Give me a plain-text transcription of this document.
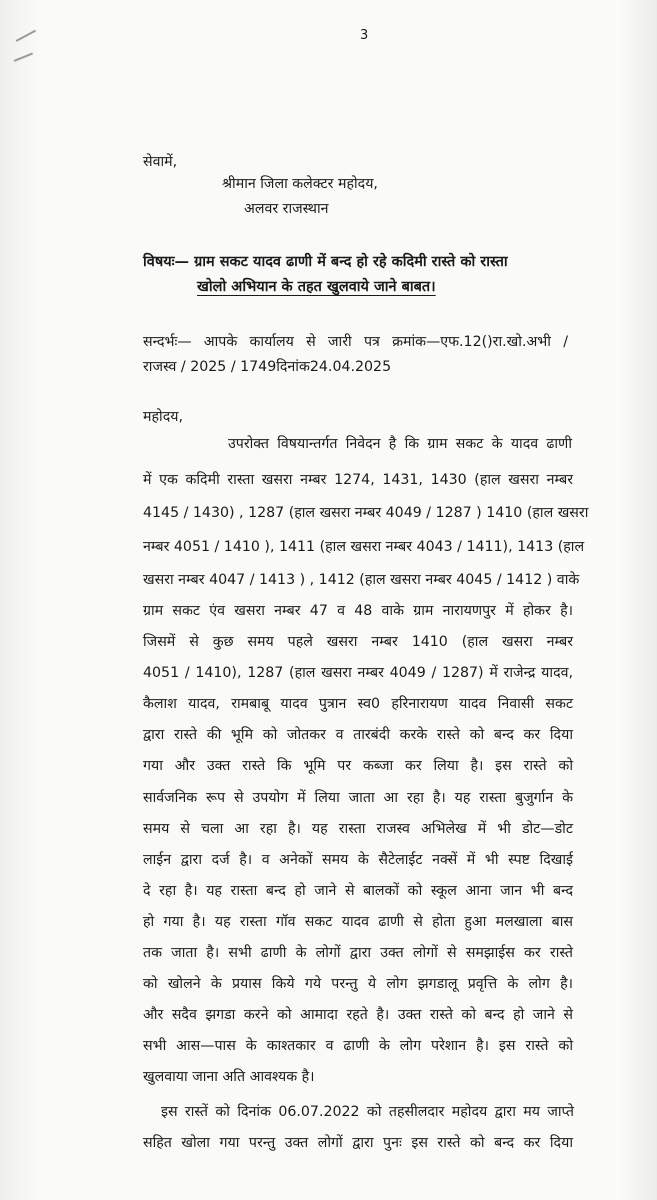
3
सेवामें,
श्रीमान जिला कलेक्टर महोदय,
अलवर राजस्थान
विषयः— ग्राम सकट यादव ढाणी में बन्द हो रहे कदिमी रास्ते को रास्ता
खोलो अभियान के तहत खुलवाये जाने बाबत।
सन्दर्भः— आपके कार्यालय से जारी पत्र क्रमांक—एफ.12()रा.खो.अभी /
राजस्व / 2025 / 1749दिनांक24.04.2025
महोदय,
उपरोक्त विषयान्तर्गत निवेदन है कि ग्राम सकट के यादव ढाणी
में एक कदिमी रास्ता खसरा नम्बर 1274, 1431, 1430 (हाल खसरा नम्बर
4145 / 1430) , 1287 (हाल खसरा नम्बर 4049 / 1287 ) 1410 (हाल खसरा
नम्बर 4051 / 1410 ), 1411 (हाल खसरा नम्बर 4043 / 1411), 1413 (हाल
खसरा नम्बर 4047 / 1413 ) , 1412 (हाल खसरा नम्बर 4045 / 1412 ) वाके
ग्राम सकट एंव खसरा नम्बर 47 व 48 वाके ग्राम नारायणपुर में होकर है।
जिसमें से कुछ समय पहले खसरा नम्बर 1410 (हाल खसरा नम्बर
4051 / 1410), 1287 (हाल खसरा नम्बर 4049 / 1287) में राजेन्द्र यादव,
कैलाश यादव, रामबाबू यादव पुत्रान स्व0 हरिनारायण यादव निवासी सकट
द्वारा रास्ते की भूमि को जोतकर व तारबंदी करके रास्ते को बन्द कर दिया
गया और उक्त रास्ते कि भूमि पर कब्जा कर लिया है। इस रास्ते को
सार्वजनिक रूप से उपयोग में लिया जाता आ रहा है। यह रास्ता बुजुर्गान के
समय से चला आ रहा है। यह रास्ता राजस्व अभिलेख में भी डोट—डोट
लाईन द्वारा दर्ज है। व अनेकों समय के सैटेलाईट नक्सें में भी स्पष्ट दिखाई
दे रहा है। यह रास्ता बन्द हो जाने से बालकों को स्कूल आना जान भी बन्द
हो गया है। यह रास्ता गॉव सकट यादव ढाणी से होता हुआ मलखाला बास
तक जाता है। सभी ढाणी के लोगों द्वारा उक्त लोगों से समझाईस कर रास्ते
को खोलने के प्रयास किये गये परन्तु ये लोग झगडालू प्रवृत्ति के लोग है।
और सदैव झगडा करने को आमादा रहते है। उक्त रास्ते को बन्द हो जाने से
सभी आस—पास के काश्तकार व ढाणी के लोग परेशान है। इस रास्ते को
खुलवाया जाना अति आवश्यक है।
इस रास्तें को दिनांक 06.07.2022 को तहसीलदार महोदय द्वारा मय जाप्ते
सहित खोला गया परन्तु उक्त लोगों द्वारा पुनः इस रास्ते को बन्द कर दिया
